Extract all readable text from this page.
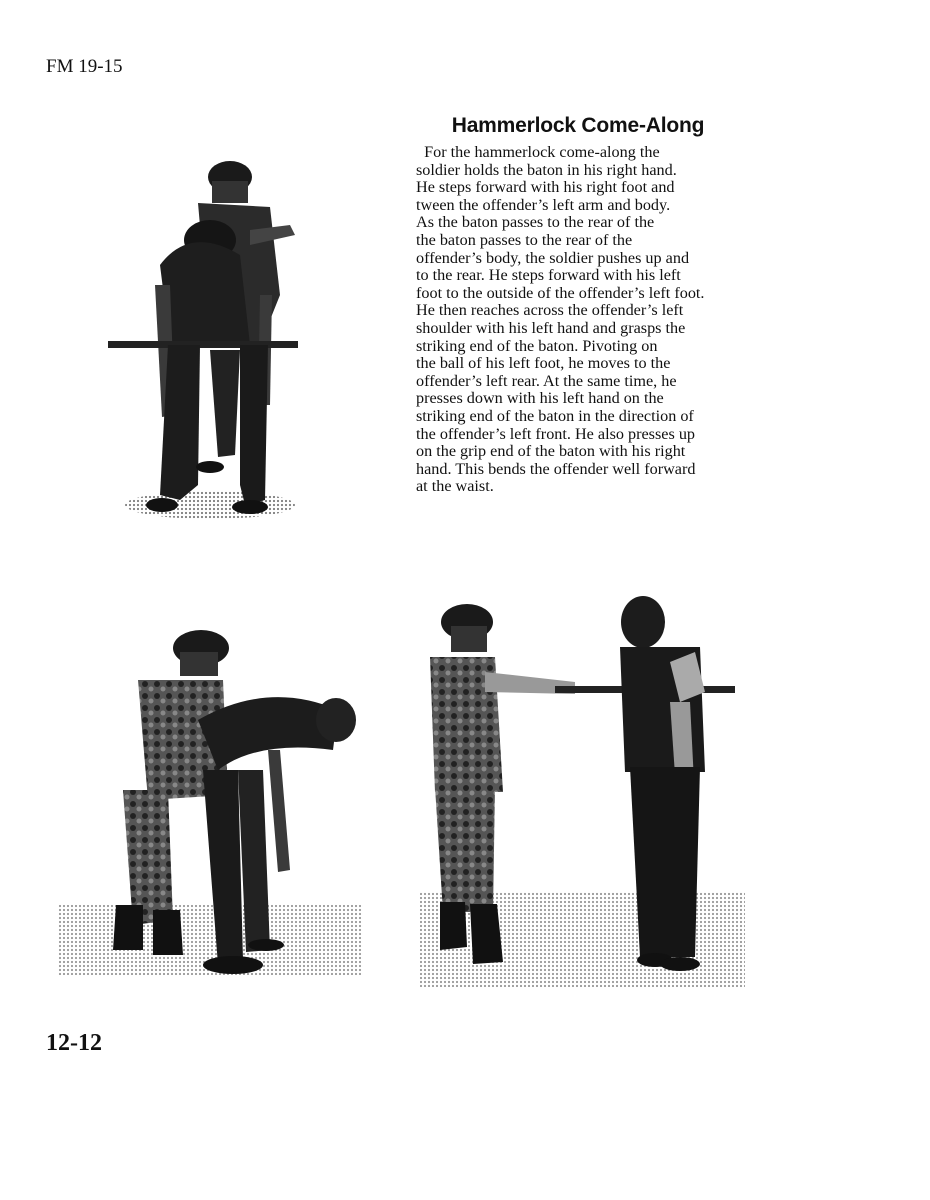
FM 19-15
Hammerlock Come-Along

For the hammerlock come-along the
soldier holds the baton in his right hand.
He steps forward with his right foot and
tween the offender’s left arm and body.
As the baton passes to the rear of the
the baton passes to the rear of the
offender’s body, the soldier pushes up and
to the rear. He steps forward with his left
foot to the outside of the offender’s left foot.
He then reaches across the offender’s left
shoulder with his left hand and grasps the
striking end of the baton. Pivoting on
the ball of his left foot, he moves to the
offender’s left rear. At the same time, he
presses down with his left hand on the
striking end of the baton in the direction of
the offender’s left front. He also presses up
on the grip end of the baton with his right
hand. This bends the offender well forward
at the waist.

12-12
